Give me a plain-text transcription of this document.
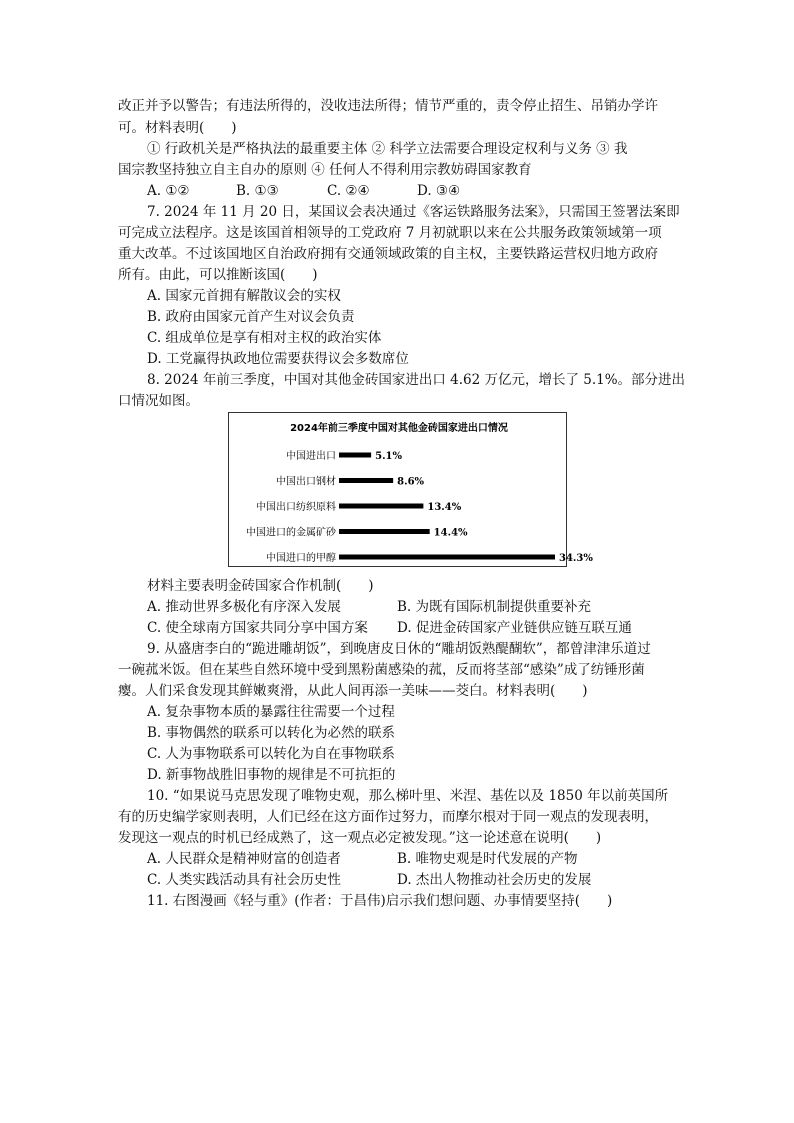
改正并予以警告；有违法所得的，没收违法所得；情节严重的，责令停止招生、吊销办学许
可。材料表明(　　)
① 行政机关是严格执法的最重要主体 ② 科学立法需要合理设定权利与义务 ③ 我
国宗教坚持独立自主自办的原则 ④ 任何人不得利用宗教妨碍国家教育
A. ①②	B. ①③	C. ②④	D. ③④
7. 2024 年 11 月 20 日，某国议会表决通过《客运铁路服务法案》，只需国王签署法案即
可完成立法程序。这是该国首相领导的工党政府 7 月初就职以来在公共服务政策领域第一项
重大改革。不过该国地区自治政府拥有交通领域政策的自主权，主要铁路运营权归地方政府
所有。由此，可以推断该国(　　)
A. 国家元首拥有解散议会的实权
B. 政府由国家元首产生对议会负责
C. 组成单位是享有相对主权的政治实体
D. 工党赢得执政地位需要获得议会多数席位
8. 2024 年前三季度，中国对其他金砖国家进出口 4.62 万亿元，增长了 5.1%。部分进出
口情况如图。
2024年前三季度中国对其他金砖国家进出口情况
中国进出口	5.1%
中国出口钢材	8.6%
中国出口纺织原料	13.4%
中国进口的金属矿砂	14.4%
中国进口的甲醇	34.3%
材料主要表明金砖国家合作机制(　　)
A. 推动世界多极化有序深入发展	B. 为既有国际机制提供重要补充
C. 使全球南方国家共同分享中国方案 D. 促进金砖国家产业链供应链互联互通
9. 从盛唐李白的“跪进雕胡饭”，到晚唐皮日休的“雕胡饭熟醍醐软”，都曾津津乐道过
一碗菰米饭。但在某些自然环境中受到黑粉菌感染的菰，反而将茎部“感染”成了纺锤形菌
瘿。人们采食发现其鲜嫩爽滑，从此人间再添一美味——茭白。材料表明(　　)
A. 复杂事物本质的暴露往往需要一个过程
B. 事物偶然的联系可以转化为必然的联系
C. 人为事物联系可以转化为自在事物联系
D. 新事物战胜旧事物的规律是不可抗拒的
10. “如果说马克思发现了唯物史观，那么梯叶里、米涅、基佐以及 1850 年以前英国所
有的历史编学家则表明，人们已经在这方面作过努力，而摩尔根对于同一观点的发现表明，
发现这一观点的时机已经成熟了，这一观点必定被发现。”这一论述意在说明(　　)
A. 人民群众是精神财富的创造者	B. 唯物史观是时代发展的产物
C. 人类实践活动具有社会历史性	D. 杰出人物推动社会历史的发展
11. 右图漫画《轻与重》(作者：于昌伟)启示我们想问题、办事情要坚持(　　)
